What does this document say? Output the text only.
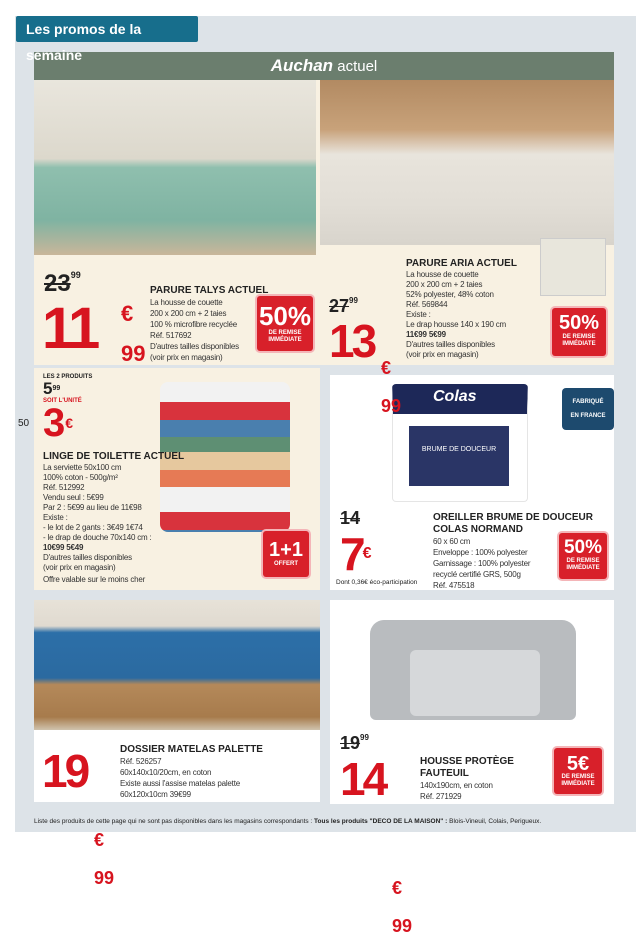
Les promos de la semaine
Auchan actuel
50
$23^{99}$
11 €
99
PARURE TALYS ACTUEL
La housse de couette
200 x 200 cm + 2 taies
100 % microfibre recyclée
Réf. 517692
D'autres tailles disponibles
(voir prix en magasin)
50%
DE REMISE IMMÉDIATE
$27^{99}$
13
€
99
PARURE ARIA ACTUEL
La housse de couette
200 x 200 cm + 2 taies
52% polyester, 48% coton
Réf. 569844
Existe :
Le drap housse 140 x 190 cm
11€99 5€99
D'autres tailles disponibles
(voir prix en magasin)
50%
DE REMISE IMMÉDIATE
LES 2 PRODUITS
$5^{99}$
SOIT L'UNITÉ
3€
LINGE DE TOILETTE ACTUEL
La serviette 50x100 cm
100% coton - 500g/m²
Réf. 512992
Vendu seul : 5€99
Par 2 : 5€99 au lieu de 11€98
Existe :
- le lot de 2 gants : 3€49 1€74
- le drap de douche 70x140 cm :
10€99 5€49
D'autres tailles disponibles
(voir prix en magasin)
Offre valable sur le moins cher
1+1
OFFERT
Colas
BRUME DE DOUCEUR
FABRIQUÉ
EN FRANCE
14
7€
Dont 0,36€ éco-participation
OREILLER BRUME DE DOUCEUR
COLAS NORMAND
60 x 60 cm
Enveloppe : 100% polyester
Garnissage : 100% polyester
recyclé certifié GRS, 500g
Réf. 475518
50%
DE REMISE IMMÉDIATE
19
€
99
DOSSIER MATELAS PALETTE
Réf. 526257
60x140x10/20cm, en coton
Existe aussi l'assise matelas palette
60x120x10cm 39€99
$19^{99}$
14
€
99
HOUSSE PROTÈGE
FAUTEUIL
140x190cm, en coton
Réf. 271929
5€
DE REMISE IMMÉDIATE
Liste des produits de cette page qui ne sont pas disponibles dans les magasins correspondants : Tous les produits "DECO DE LA MAISON" : Blois-Vineuil, Colais, Perigueux.
